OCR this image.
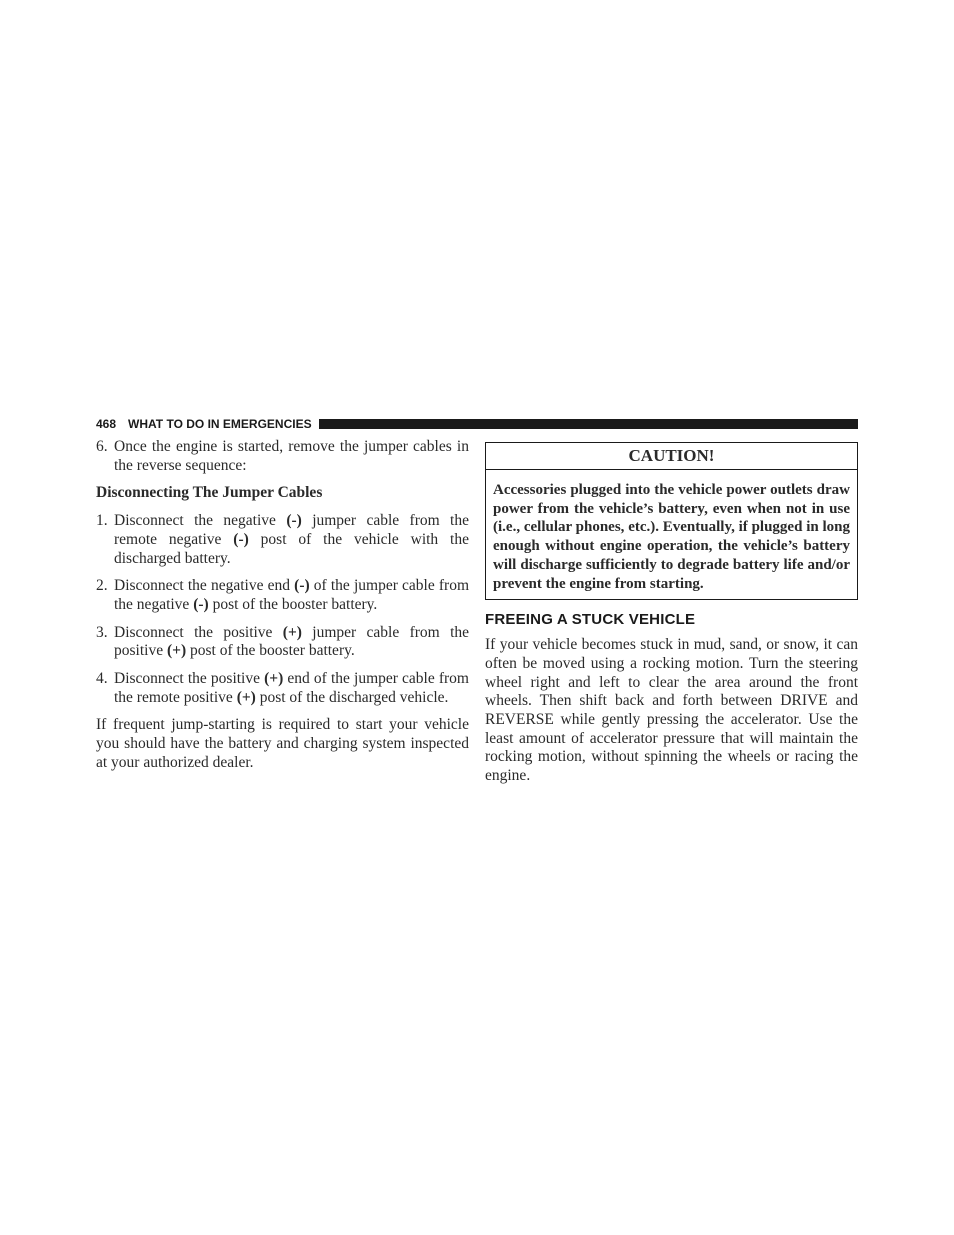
468 WHAT TO DO IN EMERGENCIES
6. Once the engine is started, remove the jumper cables in the reverse sequence:

Disconnecting The Jumper Cables
1. Disconnect the negative (-) jumper cable from the remote negative (-) post of the vehicle with the discharged battery.

2. Disconnect the negative end (-) of the jumper cable from the negative (-) post of the booster battery.

3. Disconnect the positive (+) jumper cable from the positive (+) post of the booster battery.

4. Disconnect the positive (+) end of the jumper cable from the remote positive (+) post of the discharged vehicle.

If frequent jump-starting is required to start your vehicle you should have the battery and charging system inspected at your authorized dealer.

CAUTION!
Accessories plugged into the vehicle power outlets draw power from the vehicle’s battery, even when not in use (i.e., cellular phones, etc.). Eventually, if plugged in long enough without engine operation, the vehicle’s battery will discharge sufficiently to degrade battery life and/or prevent the engine from starting.
FREEING A STUCK VEHICLE

If your vehicle becomes stuck in mud, sand, or snow, it can often be moved using a rocking motion. Turn the steering wheel right and left to clear the area around the front wheels. Then shift back and forth between DRIVE and REVERSE while gently pressing the accelerator. Use the least amount of accelerator pressure that will maintain the rocking motion, without spinning the wheels or racing the engine.
